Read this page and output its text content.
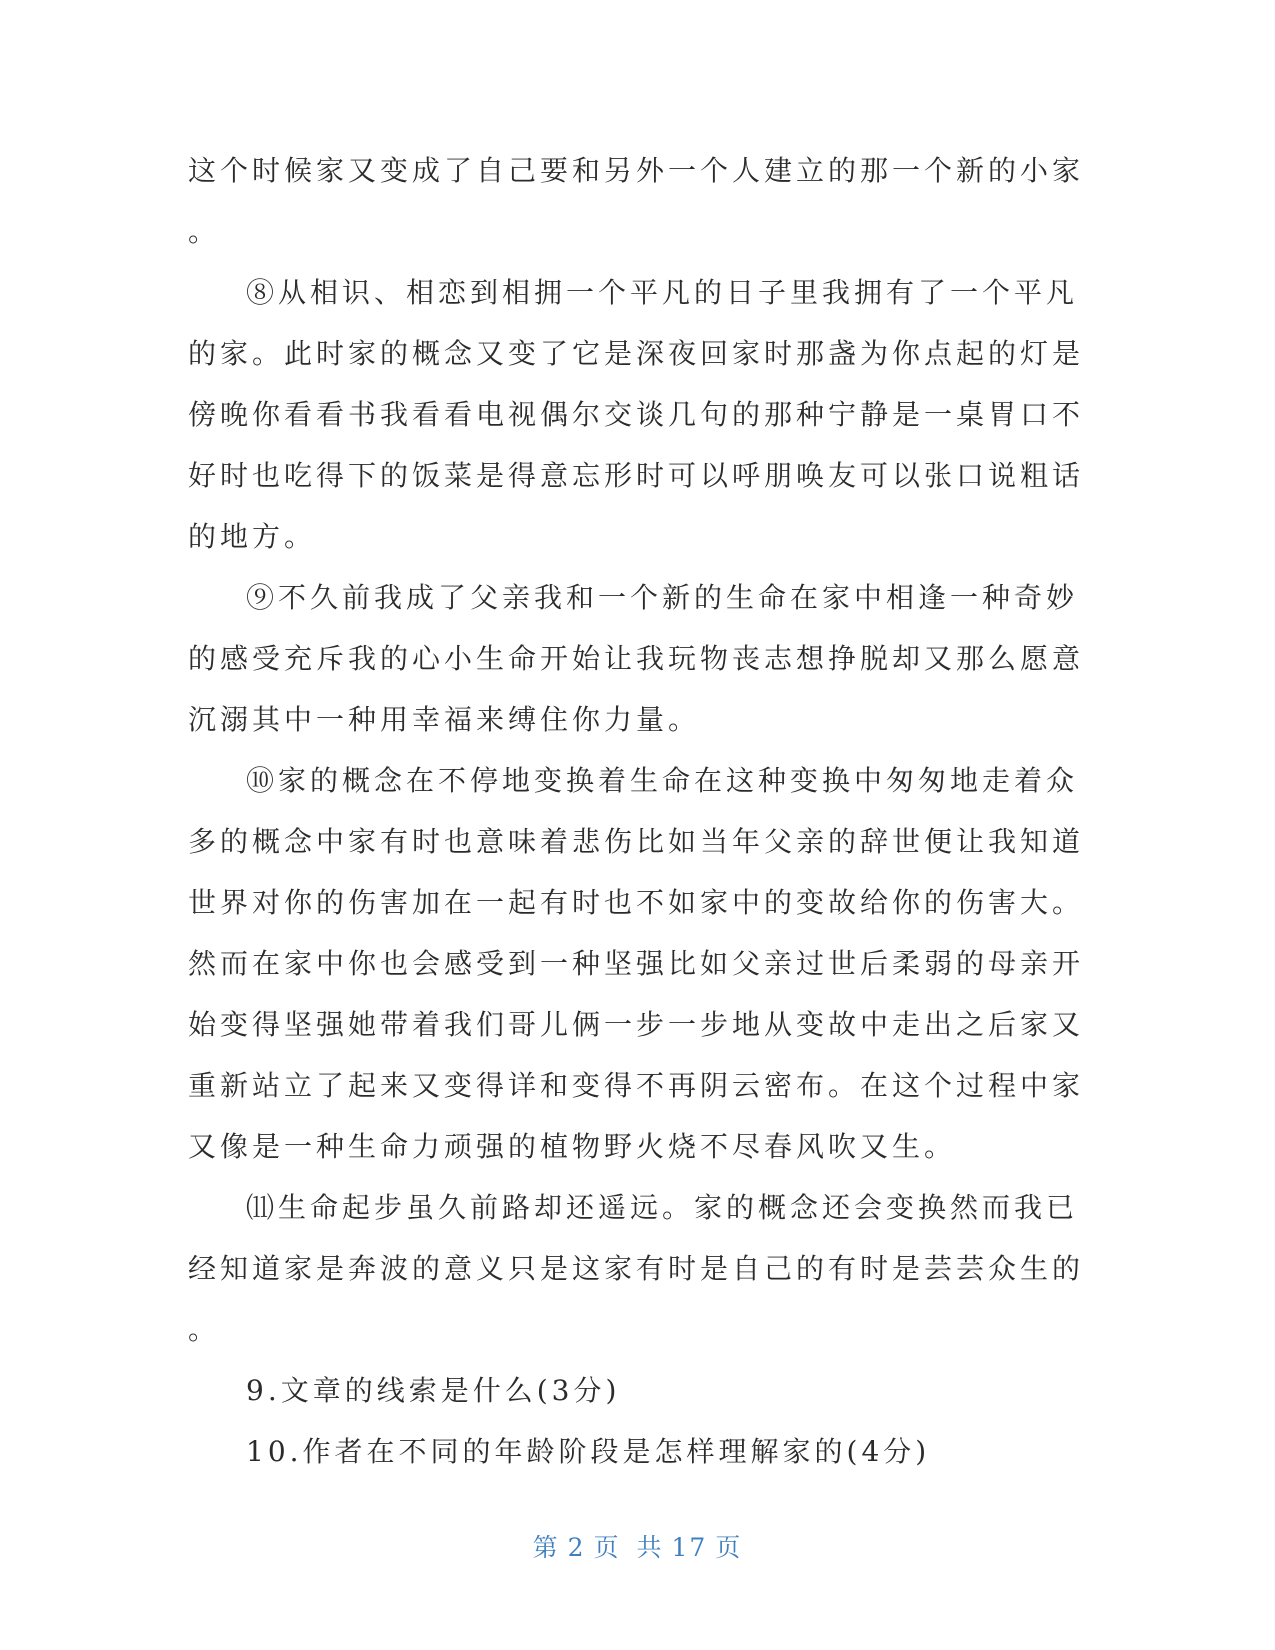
这个时候家又变成了自己要和另外一个人建立的那一个新的小家
。
⑧从相识、相恋到相拥一个平凡的日子里我拥有了一个平凡
的家。此时家的概念又变了它是深夜回家时那盏为你点起的灯是
傍晚你看看书我看看电视偶尔交谈几句的那种宁静是一桌胃口不
好时也吃得下的饭菜是得意忘形时可以呼朋唤友可以张口说粗话
的地方。
⑨不久前我成了父亲我和一个新的生命在家中相逢一种奇妙
的感受充斥我的心小生命开始让我玩物丧志想挣脱却又那么愿意
沉溺其中一种用幸福来缚住你力量。
⑩家的概念在不停地变换着生命在这种变换中匆匆地走着众
多的概念中家有时也意味着悲伤比如当年父亲的辞世便让我知道
世界对你的伤害加在一起有时也不如家中的变故给你的伤害大。
然而在家中你也会感受到一种坚强比如父亲过世后柔弱的母亲开
始变得坚强她带着我们哥儿俩一步一步地从变故中走出之后家又
重新站立了起来又变得详和变得不再阴云密布。在这个过程中家
又像是一种生命力顽强的植物野火烧不尽春风吹又生。
⑾生命起步虽久前路却还遥远。家的概念还会变换然而我已
经知道家是奔波的意义只是这家有时是自己的有时是芸芸众生的
。
9.文章的线索是什么(3分)
10.作者在不同的年龄阶段是怎样理解家的(4分)
第 2 页 共 17 页
